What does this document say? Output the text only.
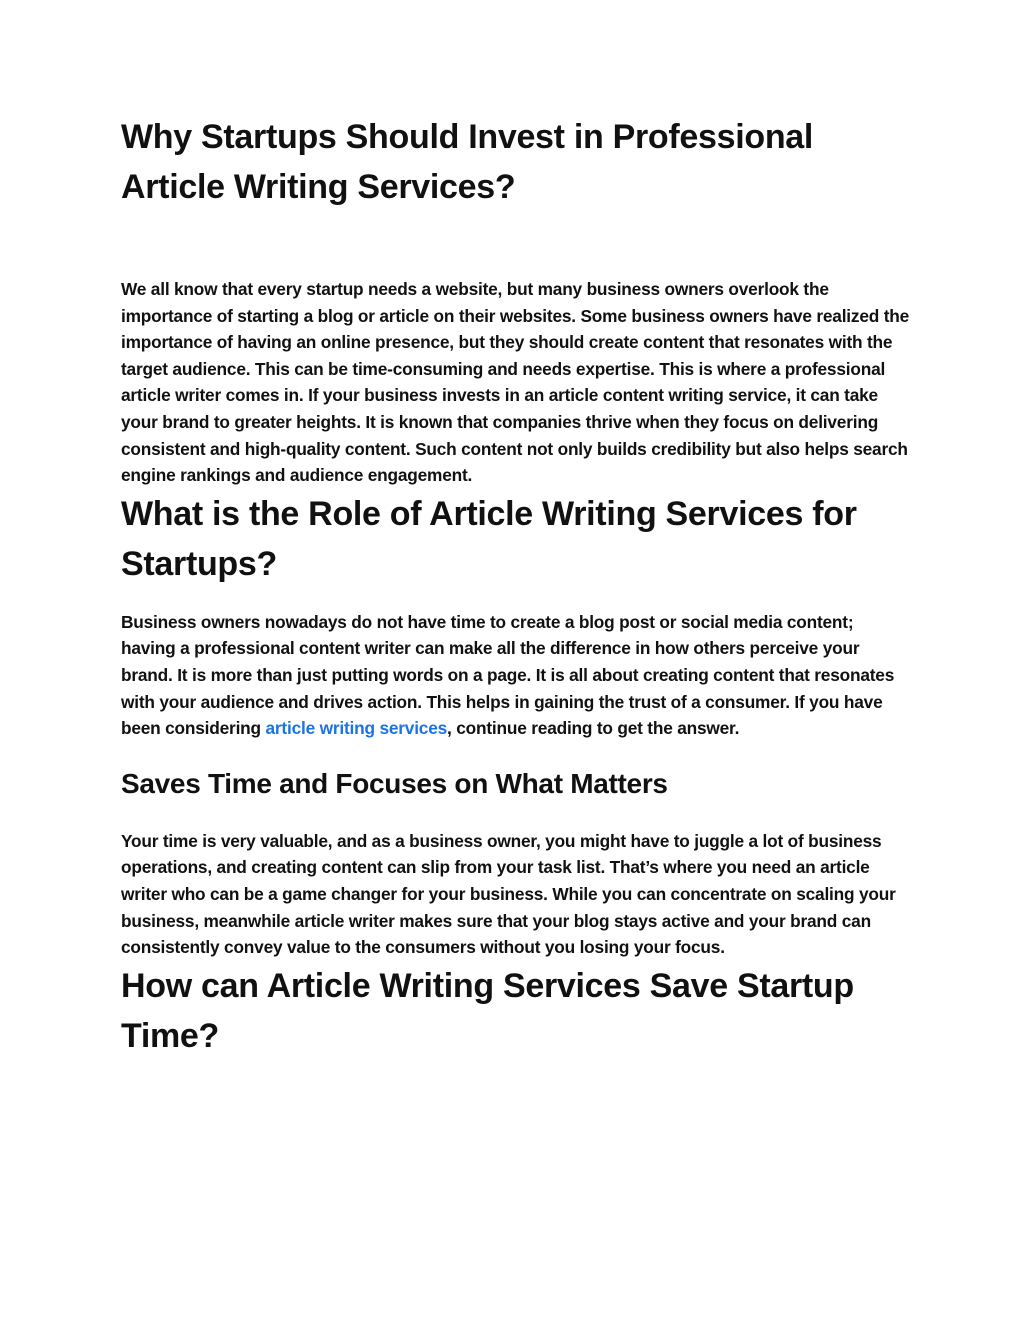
Why Startups Should Invest in Professional Article Writing Services?

We all know that every startup needs a website, but many business owners overlook the importance of starting a blog or article on their websites. Some business owners have realized the importance of having an online presence, but they should create content that resonates with the target audience. This can be time-consuming and needs expertise. This is where a professional article writer comes in. If your business invests in an article content writing service, it can take your brand to greater heights. It is known that companies thrive when they focus on delivering consistent and high-quality content. Such content not only builds credibility but also helps search engine rankings and audience engagement.

What is the Role of Article Writing Services for Startups?

Business owners nowadays do not have time to create a blog post or social media content; having a professional content writer can make all the difference in how others perceive your brand. It is more than just putting words on a page. It is all about creating content that resonates with your audience and drives action. This helps in gaining the trust of a consumer. If you have been considering article writing services, continue reading to get the answer.

Saves Time and Focuses on What Matters

Your time is very valuable, and as a business owner, you might have to juggle a lot of business operations, and creating content can slip from your task list. That’s where you need an article writer who can be a game changer for your business. While you can concentrate on scaling your business, meanwhile article writer makes sure that your blog stays active and your brand can consistently convey value to the consumers without you losing your focus.

How can Article Writing Services Save Startup Time?
